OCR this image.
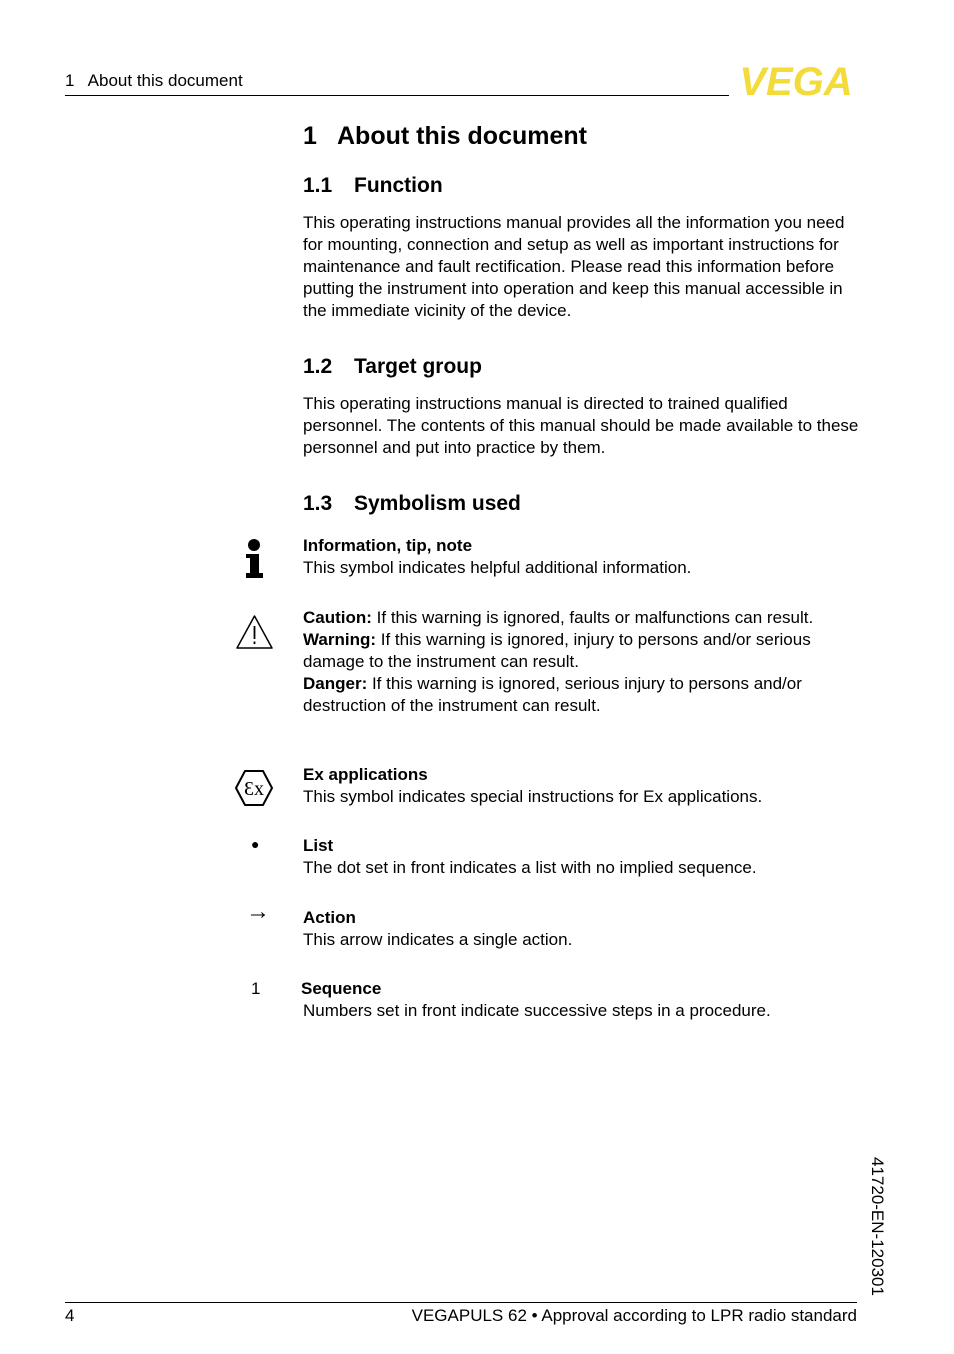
1   About this document	VEGA
1 About this document
1.1 Function
This operating instructions manual provides all the information you need for mounting, connection and setup as well as important instructions for maintenance and fault rectification. Please read this information before putting the instrument into operation and keep this manual accessible in the immediate vicinity of the device.
1.2 Target group
This operating instructions manual is directed to trained qualified personnel. The contents of this manual should be made available to these personnel and put into practice by them.
1.3 Symbolism used
Information, tip, note
This symbol indicates helpful additional information.
Caution: If this warning is ignored, faults or malfunctions can result.
Warning: If this warning is ignored, injury to persons and/or serious damage to the instrument can result.
Danger: If this warning is ignored, serious injury to persons and/or destruction of the instrument can result.
Ɛx
Ex applications
This symbol indicates special instructions for Ex applications.
●	List
The dot set in front indicates a list with no implied sequence.
→ Action
This arrow indicates a single action.
1 Sequence
Numbers set in front indicate successive steps in a procedure.
41720-EN-120301
4	VEGAPULS 62 • Approval according to LPR radio standard
